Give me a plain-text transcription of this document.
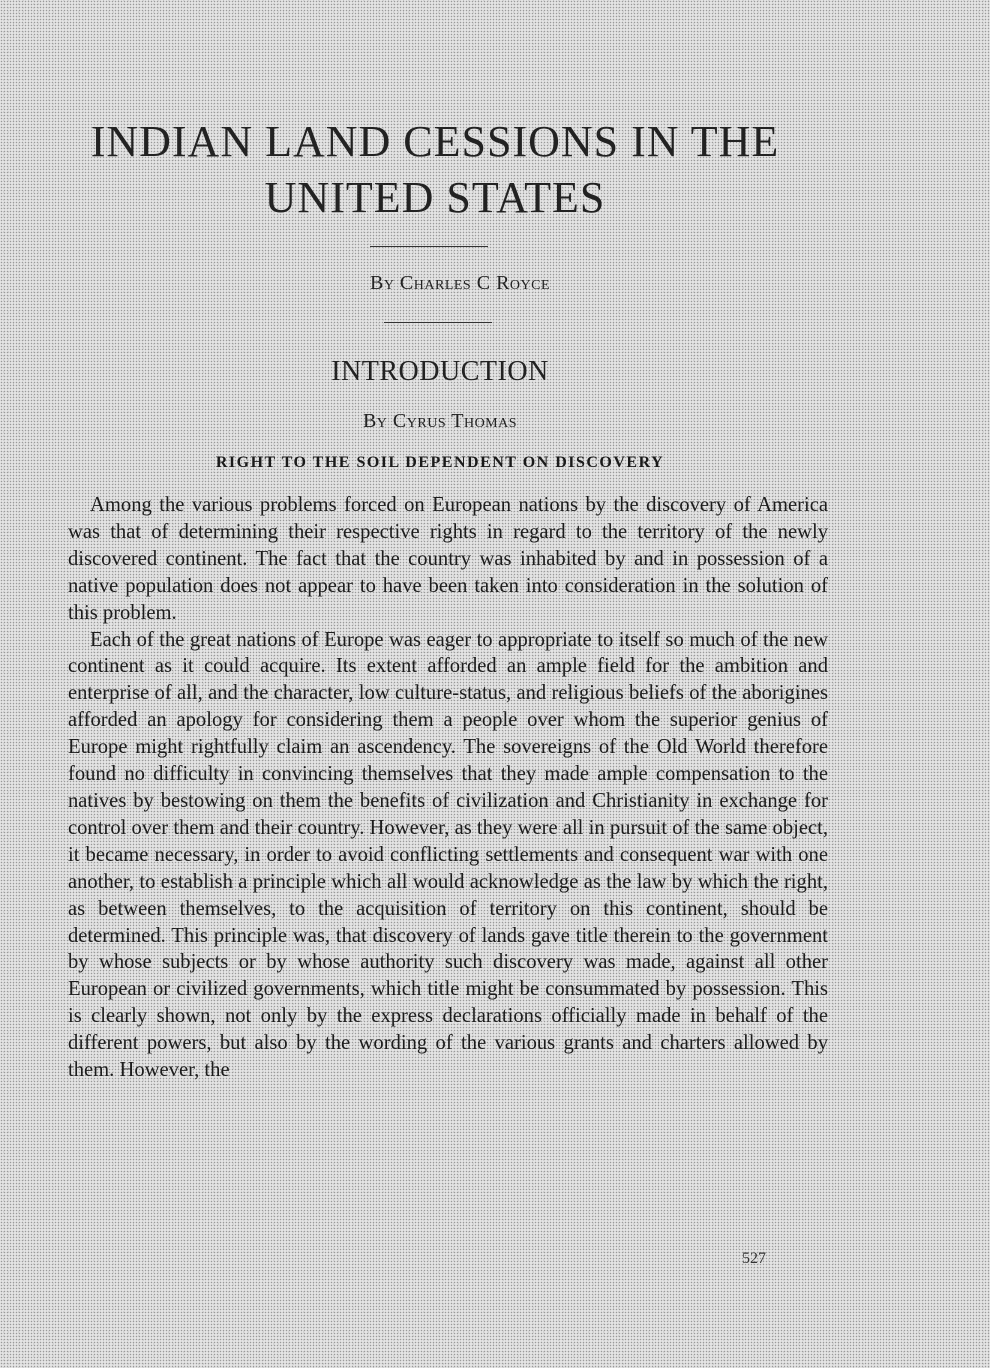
INDIAN LAND CESSIONS IN THE UNITED STATES
By Charles C Royce
INTRODUCTION
By Cyrus Thomas
RIGHT TO THE SOIL DEPENDENT ON DISCOVERY

Among the various problems forced on European nations by the discovery of America was that of determining their respective rights in regard to the territory of the newly discovered continent. The fact that the country was inhabited by and in possession of a native population does not appear to have been taken into consideration in the solution of this problem.

Each of the great nations of Europe was eager to appropriate to itself so much of the new continent as it could acquire. Its extent afforded an ample field for the ambition and enterprise of all, and the character, low culture-status, and religious beliefs of the aborigines afforded an apology for considering them a people over whom the superior genius of Europe might rightfully claim an ascendency. The sovereigns of the Old World therefore found no difficulty in convincing themselves that they made ample compensation to the natives by bestowing on them the benefits of civilization and Christianity in exchange for control over them and their country. However, as they were all in pursuit of the same object, it became necessary, in order to avoid conflicting settlements and consequent war with one another, to establish a principle which all would acknowledge as the law by which the right, as between themselves, to the acquisition of territory on this continent, should be determined. This principle was, that discovery of lands gave title therein to the government by whose subjects or by whose authority such discovery was made, against all other European or civilized governments, which title might be consummated by possession. This is clearly shown, not only by the express declarations officially made in behalf of the different powers, but also by the wording of the various grants and charters allowed by them. However, the

527
